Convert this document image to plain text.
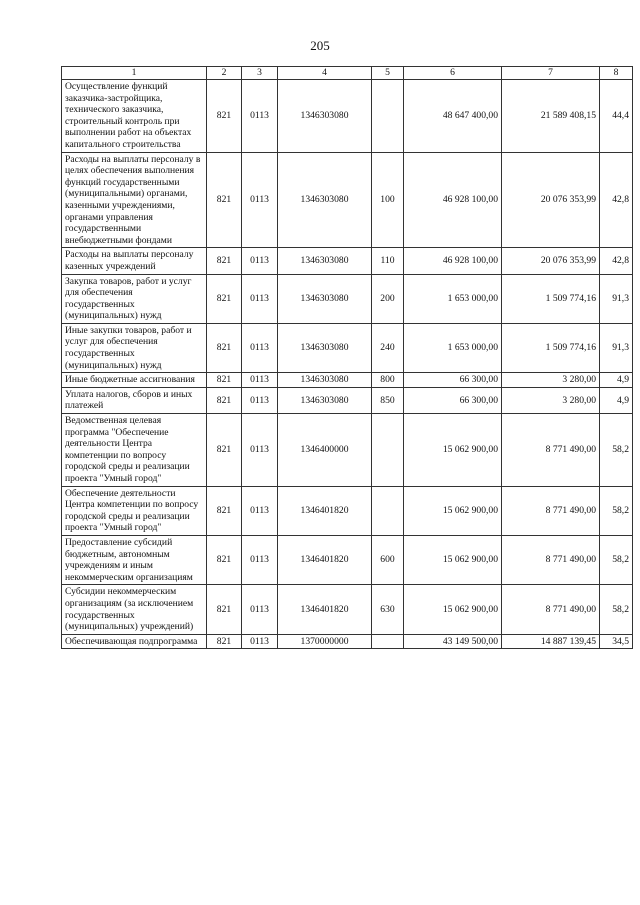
205
1	2	3	4	5	6	7	8
Осуществление функций заказчика-застройщика, технического заказчика, строительный контроль при выполнении работ на объектах капитального строительства	821	0113	1346303080		48 647 400,00	21 589 408,15	44,4
Расходы на выплаты персоналу в целях обеспечения выполнения функций государственными (муниципальными) органами, казенными учреждениями, органами управления государственными внебюджетными фондами	821	0113	1346303080	100	46 928 100,00	20 076 353,99	42,8
Расходы на выплаты персоналу казенных учреждений	821	0113	1346303080	110	46 928 100,00	20 076 353,99	42,8
Закупка товаров, работ и услуг для обеспечения государственных (муниципальных) нужд	821	0113	1346303080	200	1 653 000,00	1 509 774,16	91,3
Иные закупки товаров, работ и услуг для обеспечения государственных (муниципальных) нужд	821	0113	1346303080	240	1 653 000,00	1 509 774,16	91,3
Иные бюджетные ассигнования	821	0113	1346303080	800	66 300,00	3 280,00	4,9
Уплата налогов, сборов и иных платежей	821	0113	1346303080	850	66 300,00	3 280,00	4,9
Ведомственная целевая программа "Обеспечение деятельности Центра компетенции по вопросу городской среды и реализации проекта "Умный город"	821	0113	1346400000		15 062 900,00	8 771 490,00	58,2
Обеспечение деятельности Центра компетенции по вопросу городской среды и реализации проекта "Умный город"	821	0113	1346401820		15 062 900,00	8 771 490,00	58,2
Предоставление субсидий бюджетным, автономным учреждениям и иным некоммерческим организациям	821	0113	1346401820	600	15 062 900,00	8 771 490,00	58,2
Субсидии некоммерческим организациям (за исключением государственных (муниципальных) учреждений)	821	0113	1346401820	630	15 062 900,00	8 771 490,00	58,2
Обеспечивающая подпрограмма	821	0113	1370000000		43 149 500,00	14 887 139,45	34,5
